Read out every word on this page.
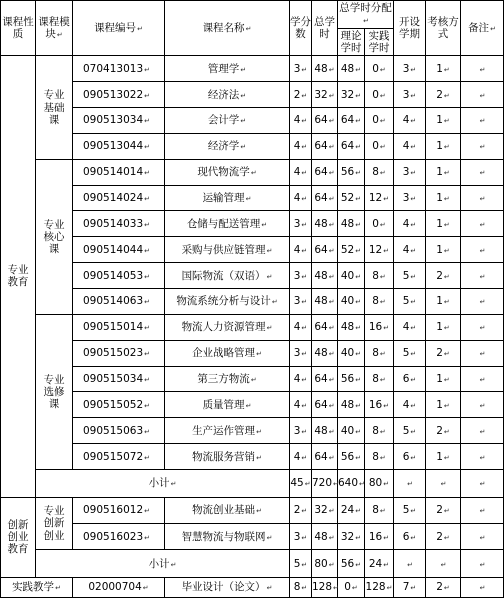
课程性质	课程模块↵	课程编号↵	课程名称↵	学分数	总学时	总学时分配↵		开设学期	考核方式	备注↵
						理论学时	实践学时			
专业教育	专业基础课	070413013↵	管理学↵	3↵	48↵	48↵	0↵	3↵	1↵	↵
		090513022↵	经济法↵	2↵	32↵	32↵	0↵	3↵	2↵	↵
		090513034↵	会计学↵	4↵	64↵	64↵	0↵	4↵	1↵	↵
		090513044↵	经济学↵	4↵	64↵	64↵	0↵	4↵	1↵	↵
	专业核心课	090514014↵	现代物流学↵	4↵	64↵	56↵	8↵	3↵	1↵	↵
		090514024↵	运输管理↵	4↵	64↵	52↵	12↵	3↵	1↵	↵
		090514033↵	仓储与配送管理↵	3↵	48↵	48↵	0↵	4↵	1↵	↵
		090514044↵	采购与供应链管理↵	4↵	64↵	52↵	12↵	4↵	1↵	↵
		090514053↵	国际物流（双语）↵	3↵	48↵	40↵	8↵	5↵	2↵	↵
		090514063↵	物流系统分析与设计↵	3↵	48↵	40↵	8↵	5↵	1↵	↵
	专业选修课	090515014↵	物流人力资源管理↵	4↵	64↵	48↵	16↵	4↵	1↵	↵
		090515023↵	企业战略管理↵	3↵	48↵	40↵	8↵	5↵	2↵	↵
		090515034↵	第三方物流↵	4↵	64↵	56↵	8↵	6↵	1↵	↵
		090515052↵	质量管理↵	4↵	64↵	48↵	16↵	4↵	1↵	↵
		090515063↵	生产运作管理↵	3↵	48↵	40↵	8↵	5↵	2↵	↵
		090515072↵	物流服务营销↵	4↵	64↵	56↵	8↵	6↵	1↵	↵
	小计↵			45↵	720↵	640↵	80↵	↵	↵	↵
创新创业教育	专业创新创业	090516012↵	物流创业基础↵	2↵	32↵	24↵	8↵	5↵	2↵	↵
		090516023↵	智慧物流与物联网↵	3↵	48↵	32↵	16↵	6↵	2↵	↵
	小计↵			5↵	80↵	56↵	24↵	↵	↵	↵
实践教学↵		02000704↵	毕业设计（论文）↵	8↵	128↵	0↵	128↵	7↵	2↵	↵
